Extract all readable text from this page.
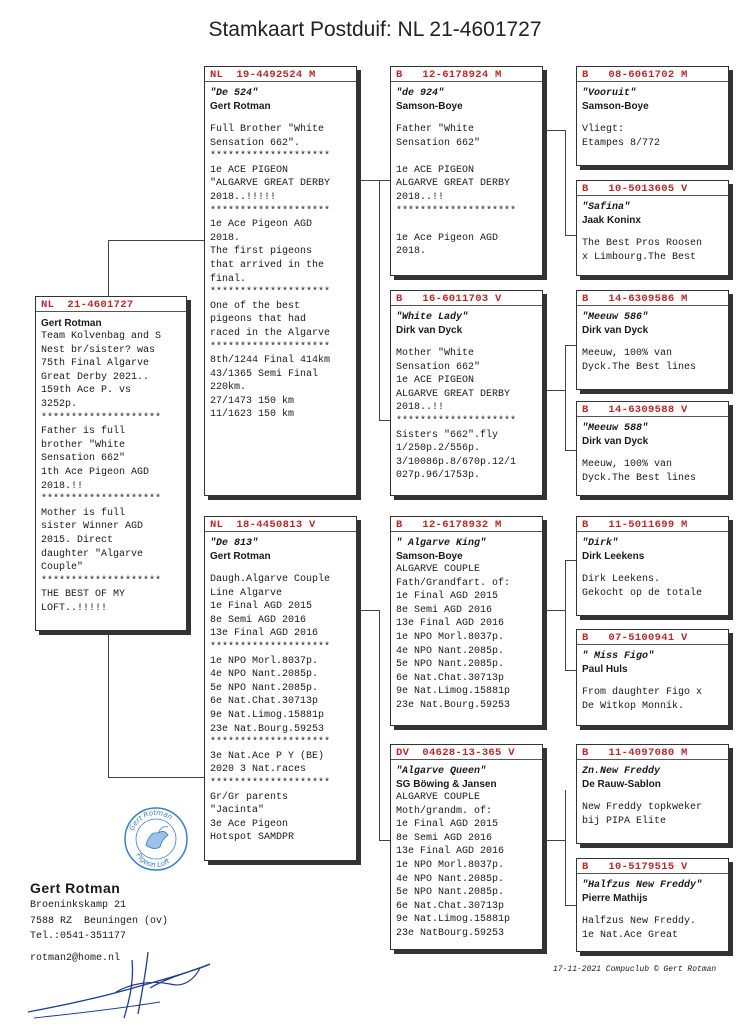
Stamkaart Postduif: NL 21-4601727
NL  21-4601727
Gert Rotman
Team Kolvenbag and S
Nest br/sister? was
75th Final Algarve
Great Derby 2021..
159th Ace P. vs
3252p.
********************
Father is full
brother "White
Sensation 662"
1th Ace Pigeon AGD
2018.!!
********************
Mother is full
sister Winner AGD
2015. Direct
daughter "Algarve
Couple"
********************
THE BEST OF MY
LOFT..!!!!!
NL  19-4492524 M
"De 524"
Gert Rotman
Full Brother "White
Sensation 662".
********************
1e ACE PIGEON
"ALGARVE GREAT DERBY
2018..!!!!!
********************
1e Ace Pigeon AGD
2018.
The first pigeons
that arrived in the
final.
********************
One of the best
pigeons that had
raced in the Algarve
********************
8th/1244 Final 414km
43/1365 Semi Final
220km.
27/1473 150 km
11/1623 150 km
NL  18-4450813 V
"De 813"
Gert Rotman
Daugh.Algarve Couple
Line Algarve
1e Final AGD 2015
8e Semi AGD 2016
13e Final AGD 2016
********************
1e NPO Morl.8037p.
4e NPO Nant.2085p.
5e NPO Nant.2085p.
6e Nat.Chat.30713p
9e Nat.Limog.15881p
23e Nat.Bourg.59253
********************
3e Nat.Ace P Y (BE)
2020 3 Nat.races
********************
Gr/Gr parents
"Jacinta"
3e Ace Pigeon
Hotspot SAMDPR
B   12-6178924 M
"de 924"
Samson-Boye
Father "White
Sensation 662"

1e ACE PIGEON
ALGARVE GREAT DERBY
2018..!!
********************

1e Ace Pigeon AGD
2018.
B   16-6011703 V
"White Lady"
Dirk van Dyck
Mother "White
Sensation 662"
1e ACE PIGEON
ALGARVE GREAT DERBY
2018..!!
********************
Sisters "662".fly
1/250p.2/556p.
3/10086p.8/670p.12/1
027p.96/1753p.
B   12-6178932 M
" Algarve King"
Samson-Boye
ALGARVE COUPLE
Fath/Grandfart. of:
1e Final AGD 2015
8e Semi AGD 2016
13e Final AGD 2016
1e NPO Morl.8037p.
4e NPO Nant.2085p.
5e NPO Nant.2085p.
6e Nat.Chat.30713p
9e Nat.Limog.15881p
23e Nat.Bourg.59253
DV  04628-13-365 V
"Algarve Queen"
SG Böwing & Jansen
ALGARVE COUPLE
Moth/grandm. of:
1e Final AGD 2015
8e Semi AGD 2016
13e Final AGD 2016
1e NPO Morl.8037p.
4e NPO Nant.2085p.
5e NPO Nant.2085p.
6e Nat.Chat.30713p
9e Nat.Limog.15881p
23e NatBourg.59253
B   08-6061702 M
"Vooruit"
Samson-Boye
Vliegt:
Etampes 8/772
B   10-5013605 V
"Safina"
Jaak Koninx
The Best Pros Roosen
x Limbourg.The Best
B   14-6309586 M
"Meeuw 586"
Dirk van Dyck
Meeuw, 100% van
Dyck.The Best lines
B   14-6309588 V
"Meeuw 588"
Dirk van Dyck
Meeuw, 100% van
Dyck.The Best lines
B   11-5011699 M
"Dirk"
Dirk Leekens
Dirk Leekens.
Gekocht op de totale
B   07-5100941 V
" Miss Figo"
Paul Huls
From daughter Figo x
De Witkop Monnik.
B   11-4097080 M
Zn.New Freddy
De Rauw-Sablon
New Freddy topkweker
bij PIPA Elite
B   10-5179515 V
"Halfzus New Freddy"
Pierre Mathijs
Halfzus New Freddy.
1e Nat.Ace Great
Gert Rotman
Pigeon Loft
Gert Rotman
Broeninkskamp 21
7588 RZ  Beuningen (ov)
Tel.:0541-351177
rotman2@home.nl
17-11-2021 Compuclub © Gert Rotman
